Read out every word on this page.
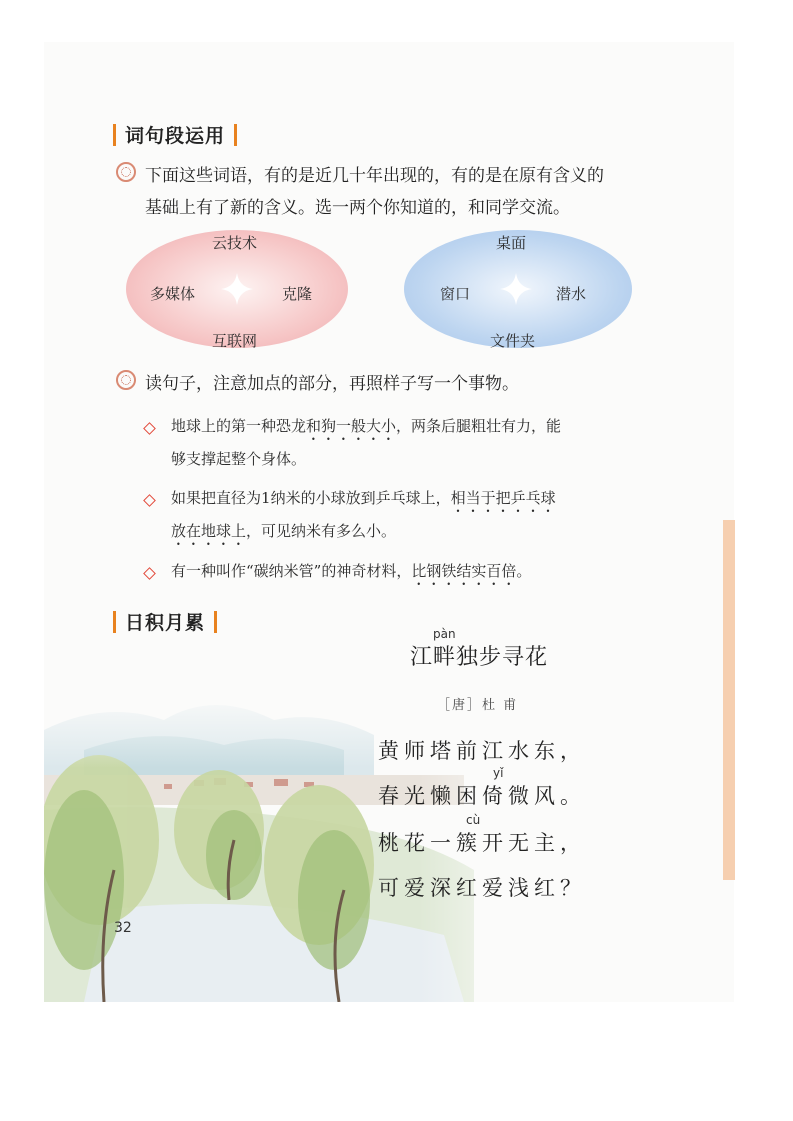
词句段运用
下面这些词语，有的是近几十年出现的，有的是在原有含义的
基础上有了新的含义。选一两个你知道的，和同学交流。
云技术
多媒体	克隆
互联网
桌面
窗口	潜水
文件夹
读句子，注意加点的部分，再照样子写一个事物。
地球上的第一种恐龙和狗一般大小，两条后腿粗壮有力，能
够支撑起整个身体。
如果把直径为1纳米的小球放到乒乓球上，相当于把乒乓球
放在地球上，可见纳米有多么小。
有一种叫作“碳纳米管”的神奇材料，比钢铁结实百倍。
日积月累	pàn
江畔独步寻花
［唐］杜 甫
yǐ
cù
黄师塔前江水东，
春光懒困倚微风。
桃花一簇开无主，
可爱深红爱浅红？
32
